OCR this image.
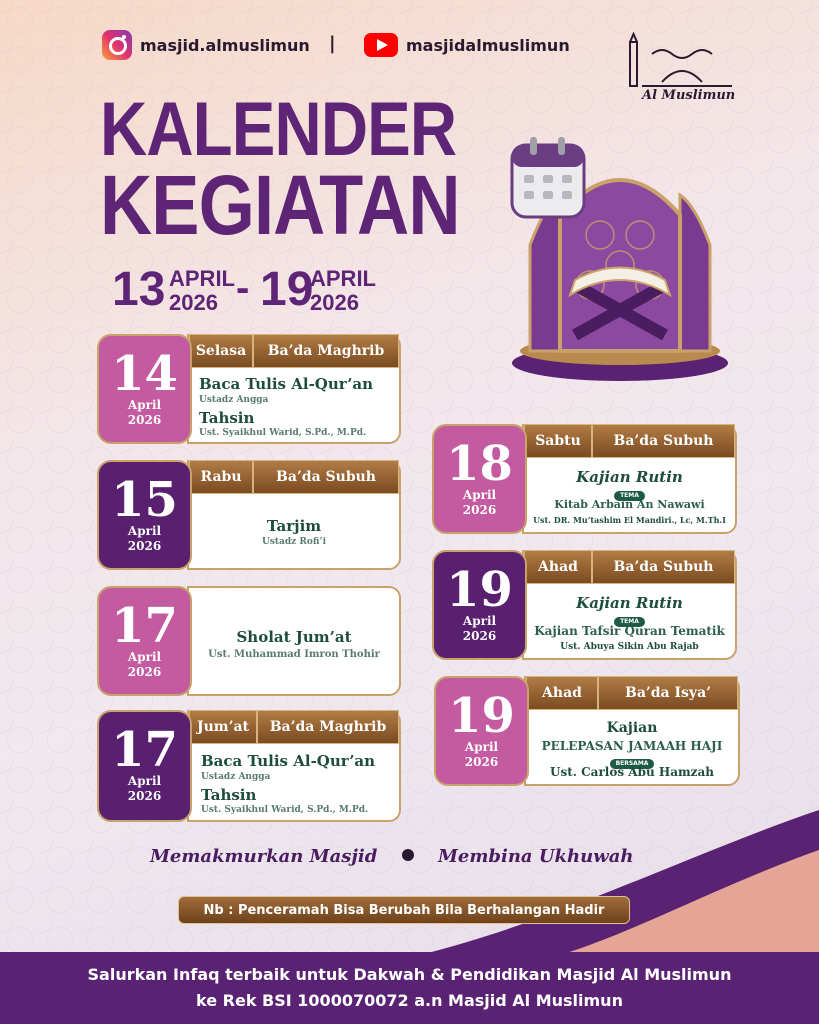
masjid.almuslimun |	masjidalmuslimun
Al Muslimun
KALENDER
KEGIATAN
13 APRIL
2026 - 19
APRIL
2026
Selasa	Ba’da Maghrib
Baca Tulis Al-Qur’an
Ustadz Angga
Tahsin
Ust. Syaikhul Warid, S.Pd., M.Pd.
14
April
2026
Rabu	Ba’da Subuh
Tarjim
Ustadz Rofi’i
15
April
2026
Sholat Jum’at
Ust. Muhammad Imron Thohir
17
April
2026
Jum’at	Ba’da Maghrib
Baca Tulis Al-Qur’an
Ustadz Angga
Tahsin
Ust. Syaikhul Warid, S.Pd., M.Pd.
17
April
2026
Sabtu	Ba’da Subuh
Kajian Rutin
TEMA
Kitab Arbain An Nawawi
Ust. DR. Mu’tashim El Mandiri., Lc, M.Th.I
18
April
2026
Ahad	Ba’da Subuh
Kajian Rutin
TEMA
Kajian Tafsir Quran Tematik
Ust. Abuya Sikin Abu Rajab
19
April
2026
Ahad	Ba’da Isya’
Kajian
PELEPASAN JAMAAH HAJI
BERSAMA
Ust. Carlos Abu Hamzah
19
April
2026
Memakmurkan Masjid	Membina Ukhuwah
Nb : Penceramah Bisa Berubah Bila Berhalangan Hadir
Salurkan Infaq terbaik untuk Dakwah & Pendidikan Masjid Al Muslimun
ke Rek BSI 1000070072 a.n Masjid Al Muslimun
